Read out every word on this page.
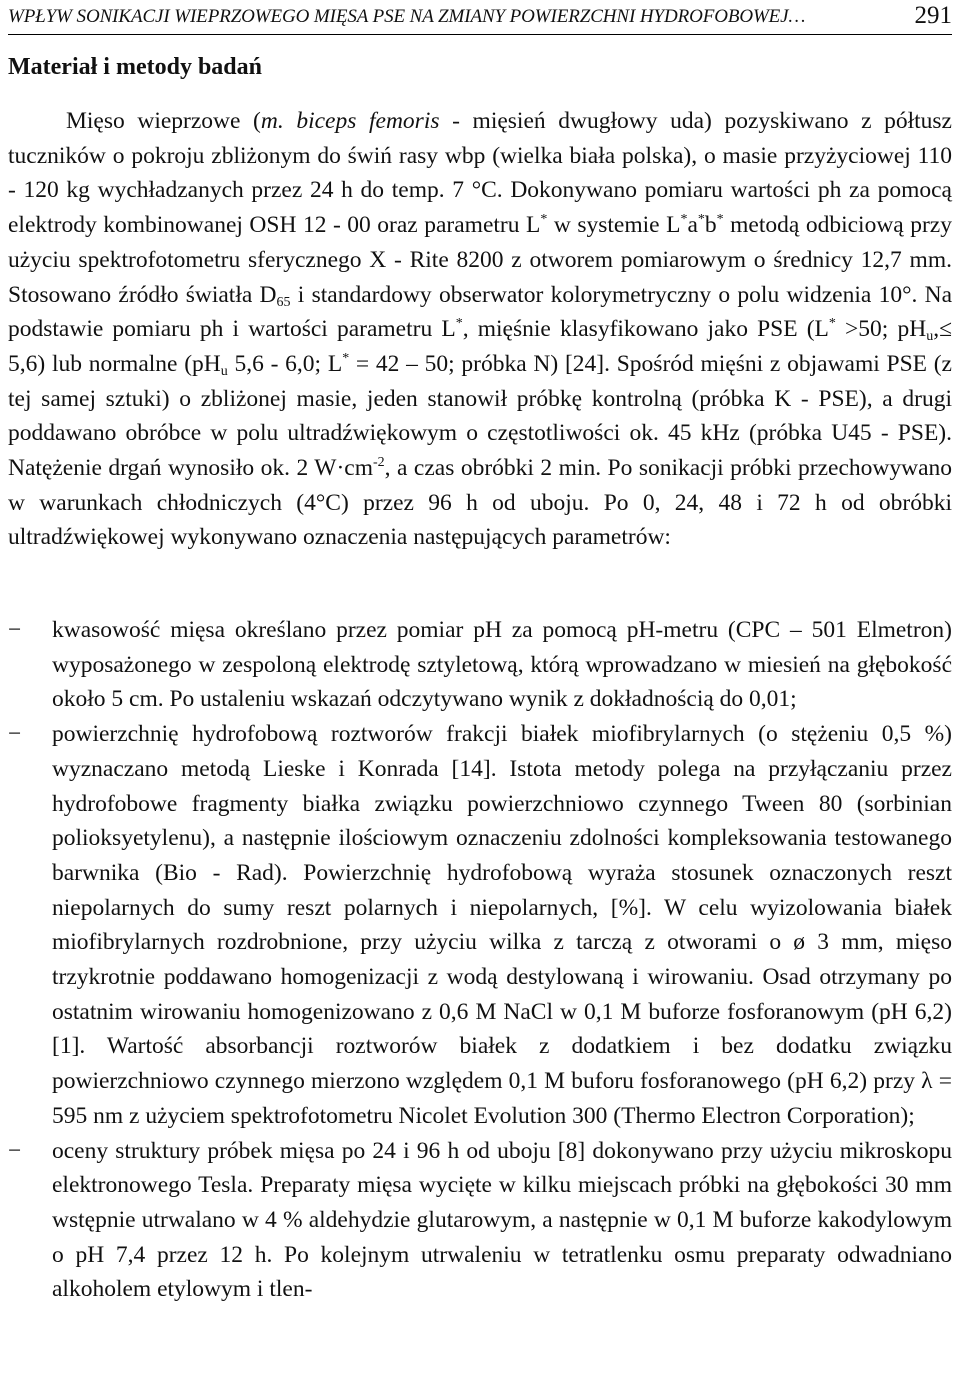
WPŁYW SONIKACJI WIEPRZOWEGO MIĘSA PSE NA ZMIANY POWIERZCHNI HYDROFOBOWEJ…	291
Materiał i metody badań

Mięso wieprzowe (m. biceps femoris - mięsień dwugłowy uda) pozyskiwano z półtusz tuczników o pokroju zbliżonym do świń rasy wbp (wielka biała polska), o masie przyżyciowej 110 - 120 kg wychładzanych przez 24 h do temp. 7 °C. Dokonywano pomiaru wartości ph za pomocą elektrody kombinowanej OSH 12 - 00 oraz parametru L* w systemie L*a*b* metodą odbiciową przy użyciu spektrofotometru sferycznego X - Rite 8200 z otworem pomiarowym o średnicy 12,7 mm. Stosowano źródło światła $D_{65}$ i standardowy obserwator kolorymetryczny o polu widzenia 10°. Na podstawie pomiaru ph i wartości parametru L*, mięśnie klasyfikowano jako PSE (L* >50; $pH_u,\le 5,6$) lub normalne ($pH_u$ 5,6 - 6,0; L* = 42 – 50; próbka N) [24]. Spośród mięśni z objawami PSE (z tej samej sztuki) o zbliżonej masie, jeden stanowił próbkę kontrolną (próbka K - PSE), a drugi poddawano obróbce w polu ultradźwiękowym o częstotliwości ok. 45 kHz (próbka U45 - PSE). Natężenie drgań wynosiło ok. 2 $W\cdot cm^{-2}$, a czas obróbki 2 min. Po sonikacji próbki przechowywano w warunkach chłodniczych (4°C) przez 96 h od uboju. Po 0, 24, 48 i 72 h od obróbki ultradźwiękowej wykonywano oznaczenia następujących parametrów:

−	kwasowość mięsa określano przez pomiar pH za pomocą pH-metru (CPC – 501 Elmetron) wyposażonego w zespoloną elektrodę sztyletową, którą wprowadzano w miesień na głębokość około 5 cm. Po ustaleniu wskazań odczytywano wynik z dokładnością do 0,01;
−	powierzchnię hydrofobową roztworów frakcji białek miofibrylarnych (o stężeniu 0,5 %) wyznaczano metodą Lieske i Konrada [14]. Istota metody polega na przyłączaniu przez hydrofobowe fragmenty białka związku powierzchniowo czynnego Tween 80 (sorbinian polioksyetylenu), a następnie ilościowym oznaczeniu zdolności kompleksowania testowanego barwnika (Bio - Rad). Powierzchnię hydrofobową wyraża stosunek oznaczonych reszt niepolarnych do sumy reszt polarnych i niepolarnych, [%]. W celu wyizolowania białek miofibrylarnych rozdrobnione, przy użyciu wilka z tarczą z otworami o ø 3 mm, mięso trzykrotnie poddawano homogenizacji z wodą destylowaną i wirowaniu. Osad otrzymany po ostatnim wirowaniu homogenizowano z 0,6 M NaCl w 0,1 M buforze fosforanowym (pH 6,2) [1]. Wartość absorbancji roztworów białek z dodatkiem i bez dodatku związku powierzchniowo czynnego mierzono względem 0,1 M buforu fosforanowego (pH 6,2) przy λ = 595 nm z użyciem spektrofotometru Nicolet Evolution 300 (Thermo Electron Corporation);
−	oceny struktury próbek mięsa po 24 i 96 h od uboju [8] dokonywano przy użyciu mikroskopu elektronowego Tesla. Preparaty mięsa wycięte w kilku miejscach próbki na głębokości 30 mm wstępnie utrwalano w 4 % aldehydzie glutarowym, a następnie w 0,1 M buforze kakodylowym o pH 7,4 przez 12 h. Po kolejnym utrwaleniu w tetratlenku osmu preparaty odwadniano alkoholem etylowym i tlen-
